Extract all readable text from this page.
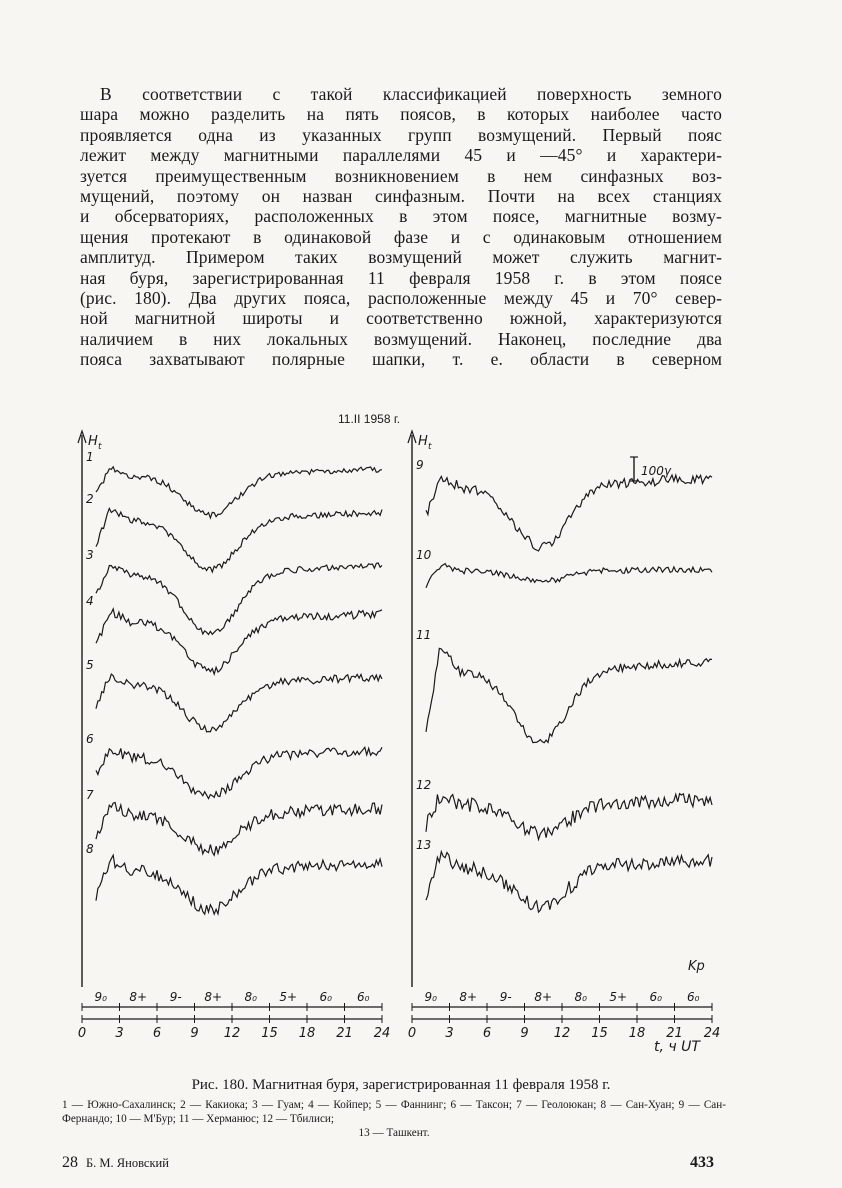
В соответствии с такой классификацией поверхность земного
шара можно разделить на пять поясов, в которых наиболее часто
проявляется одна из указанных групп возмущений. Первый пояс
лежит между магнитными параллелями 45 и —45° и характери-
зуется преимущественным возникновением в нем синфазных воз-
мущений, поэтому он назван синфазным. Почти на всех станциях
и обсерваториях, расположенных в этом поясе, магнитные возму-
щения протекают в одинаковой фазе и с одинаковым отношением
амплитуд. Примером таких возмущений может служить магнит-
ная буря, зарегистрированная 11 февраля 1958 г. в этом поясе
(рис. 180). Два других пояса, расположенные между 45 и 70° север-
ной магнитной широты и соответственно южной, характеризуются
наличием в них локальных возмущений. Наконец, последние два
пояса захватывают полярные шапки, т. е. области в северном
11.II 1958 г.
H t
1
2
3
4
5
6
7
8
9₀ 8+ 9- 8+ 8₀ 5+ 6₀ 6₀
0 3 6 9 12 15 18 21 24
H t
9
10
11
12
13
9₀ 8+ 9- 8+ 8₀ 5+ 6₀ 6₀
0 3 6 9 12 15 18 21 24
100γ
Kp
t, ч UT
Рис. 180. Магнитная буря, зарегистрированная 11 февраля 1958 г.
1 — Южно-Сахалинск; 2 — Какиока; 3 — Гуам; 4 — Койпер; 5 — Фаннинг; 6 — Таксон; 7 — Геолоюкан; 8 — Сан-Хуан; 9 — Сан-Фернандо; 10 — М'Бур; 11 — Херманюс; 12 — Тбилиси;
13 — Ташкент.
28 Б. М. Яновский	433
